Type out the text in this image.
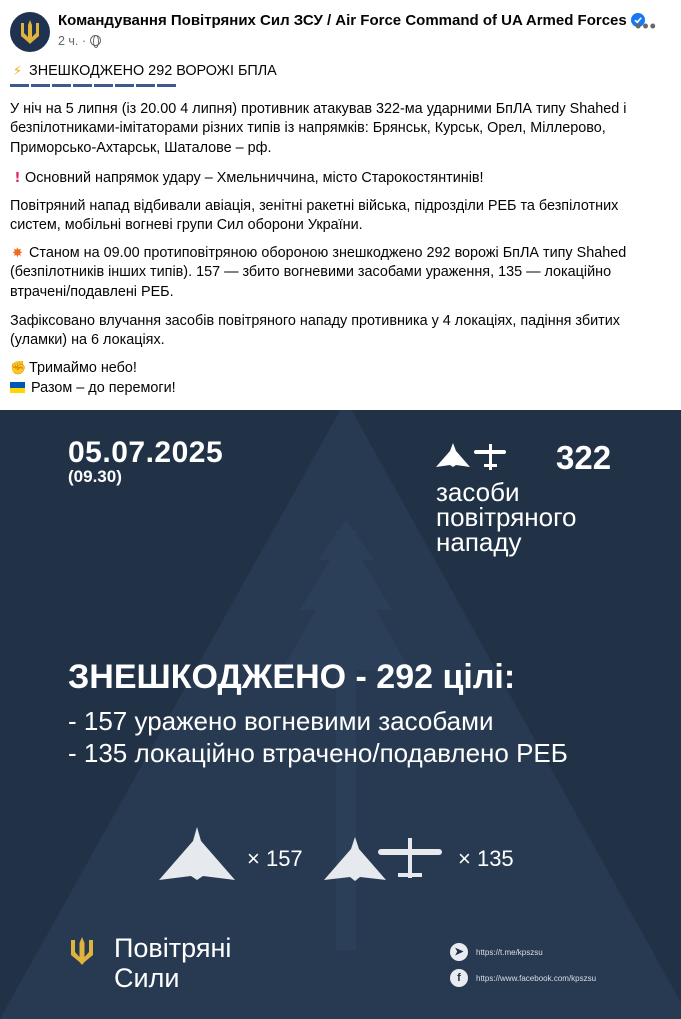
Командування Повітряних Сил ЗСУ / Air Force Command of UA Armed Forces
2 ч. ·
•••
⚡ ЗНЕШКОДЖЕНО 292 ВОРОЖІ БПЛА
У ніч на 5 липня (із 20.00 4 липня) противник атакував 322-ма ударними БпЛА типу Shahed і безпілотниками-імітаторами різних типів із напрямків: Брянськ, Курськ, Орел, Міллерово, Приморсько-Ахтарськ, Шаталове – рф.
! Основний напрямок удару – Хмельниччина, місто Старокостянтинів!
Повітряний напад відбивали авіація, зенітні ракетні війська, підрозділи РЕБ та безпілотних систем, мобільні вогневі групи Сил оборони України.
✸ Станом на 09.00 протиповітряною обороною знешкоджено 292 ворожі БпЛА типу Shahed (безпілотників інших типів). 157 — збито вогневими засобами ураження, 135 — локаційно втрачені/подавлені РЕБ.
Зафіксовано влучання засобів повітряного нападу противника у 4 локаціях, падіння збитих (уламки) на 6 локаціях.
✊ Тримаймо небо!
Разом – до перемоги!
05.07.2025
(09.30)
322
засоби повітряного нападу
ЗНЕШКОДЖЕНО - 292 цілі:
- 157 уражено вогневими засобами
- 135 локаційно втрачено/подавлено РЕБ
× 157	× 135
Повітряні
Сили
➤	https://t.me/kpszsu
f	https://www.facebook.com/kpszsu
